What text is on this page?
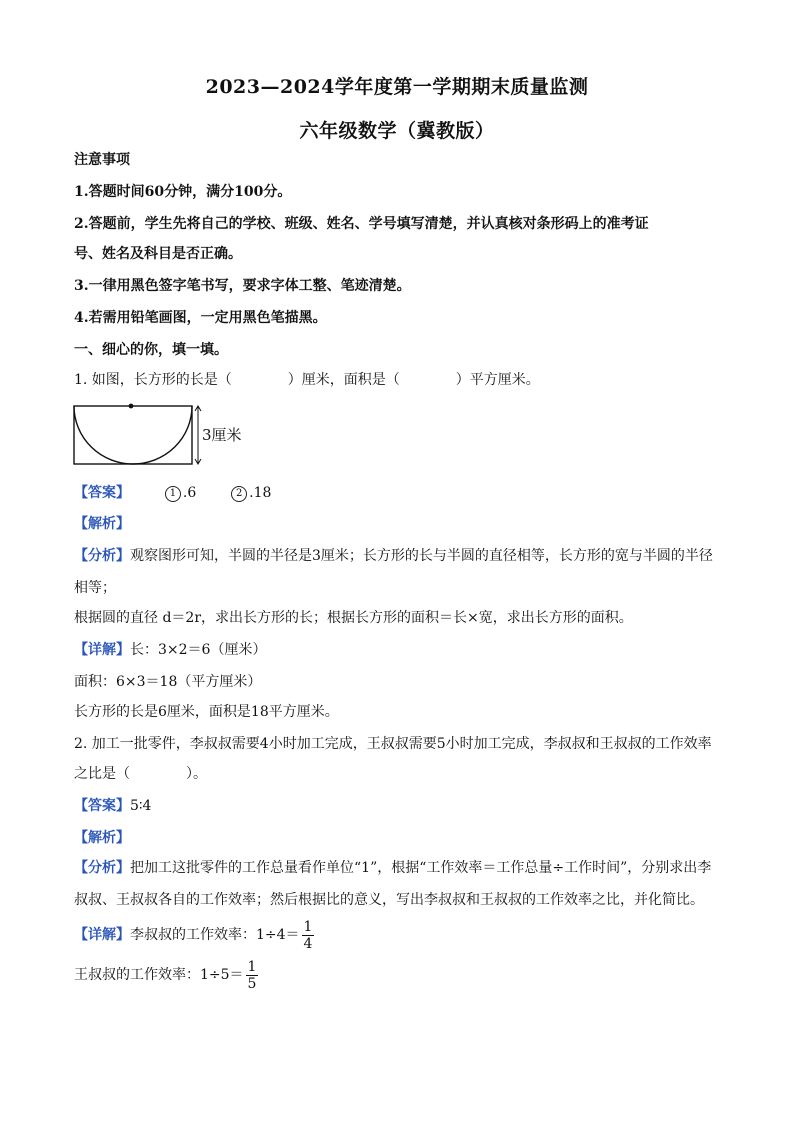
2023—2024学年度第一学期期末质量监测
六年级数学（冀教版）
注意事项
1.答题时间60分钟，满分100分。
2.答题前，学生先将自己的学校、班级、姓名、学号填写清楚，并认真核对条形码上的准考证
号、姓名及科目是否正确。
3.一律用黑色签字笔书写，要求字体工整、笔迹清楚。
4.若需用铅笔画图，一定用黑色笔描黑。
一、细心的你，填一填。
1. 如图，长方形的长是（　　　　）厘米，面积是（　　　　）平方厘米。
3厘米
【答案】	1 .6	2 .18
【解析】
【分析】观察图形可知，半圆的半径是3厘米；长方形的长与半圆的直径相等，长方形的宽与半圆的半径
相等；
根据圆的直径 d＝2r，求出长方形的长；根据长方形的面积＝长×宽，求出长方形的面积。
【详解】长：3×2＝6（厘米）
面积：6×3＝18（平方厘米）
长方形的长是6厘米，面积是18平方厘米。
2. 加工一批零件，李叔叔需要4小时加工完成，王叔叔需要5小时加工完成，李叔叔和王叔叔的工作效率
之比是（　　　　）。
【答案】5∶4
【解析】
【分析】把加工这批零件的工作总量看作单位“1”，根据“工作效率＝工作总量÷工作时间”，分别求出李
叔叔、王叔叔各自的工作效率；然后根据比的意义，写出李叔叔和王叔叔的工作效率之比，并化简比。
【详解】李叔叔的工作效率：$1\div 4= \frac{1}{4}$
王叔叔的工作效率：$1\div 5= \frac{1}{5}$
